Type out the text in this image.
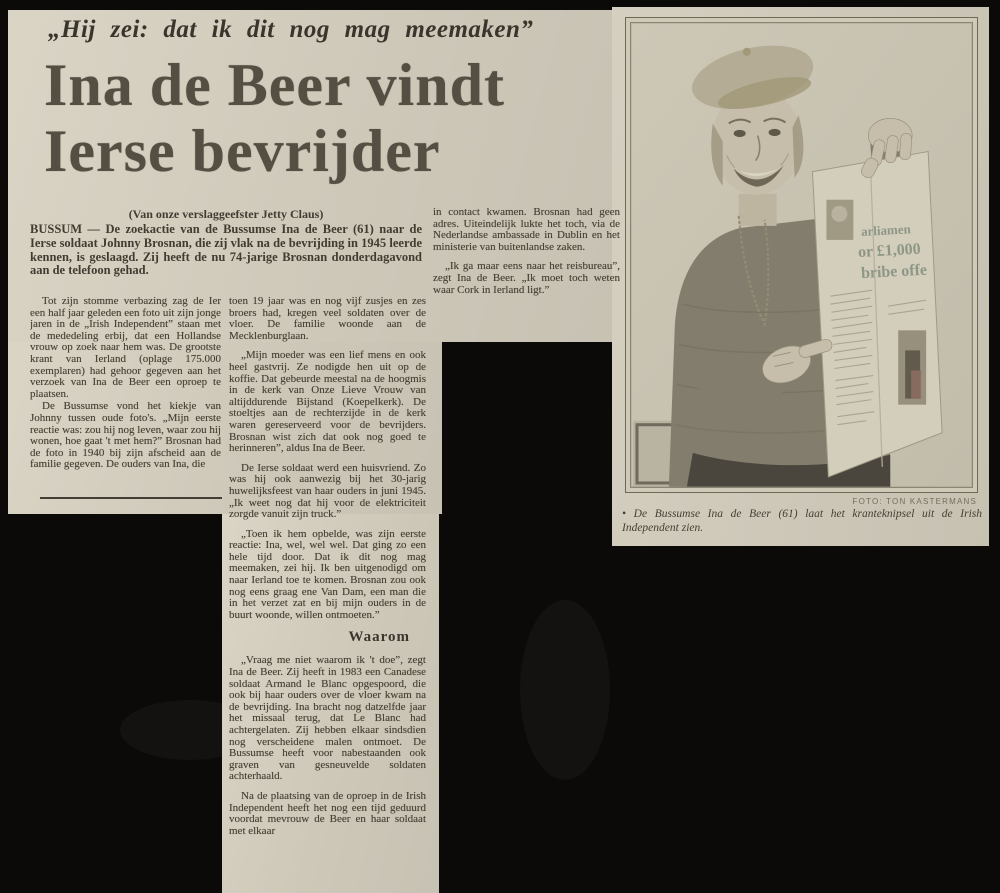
„Hij zei: dat ik dit nog mag meemaken”
Ina de Beer vindt
Ierse bevrijder
(Van onze verslaggeefster Jetty Claus)
BUSSUM — De zoekactie van de Bussumse Ina de Beer (61) naar de Ierse soldaat Johnny Brosnan, die zij vlak na de bevrijding in 1945 leerde kennen, is geslaagd. Zij heeft de nu 74-jarige Brosnan donderdagavond aan de telefoon gehad.

Tot zijn stomme verbazing zag de Ier een half jaar geleden een foto uit zijn jonge jaren in de „Irish Independent” staan met de mededeling erbij, dat een Hollandse vrouw op zoek naar hem was. De grootste krant van Ierland (oplage 175.000 exemplaren) had gehoor gegeven aan het verzoek van Ina de Beer een oproep te plaatsen.

De Bussumse vond het kiekje van Johnny tussen oude foto's. „Mijn eerste reactie was: zou hij nog leven, waar zou hij wonen, hoe gaat 't met hem?” Brosnan had de foto in 1940 bij zijn afscheid aan de familie gegeven. De ouders van Ina, die

toen 19 jaar was en nog vijf zusjes en zes broers had, kregen veel soldaten over de vloer. De familie woonde aan de Mecklenburglaan.

„Mijn moeder was een lief mens en ook heel gastvrij. Ze nodigde hen uit op de koffie. Dat gebeurde meestal na de hoogmis in de kerk van Onze Lieve Vrouw van altijddurende Bijstand (Koepelkerk). De stoeltjes aan de rechterzijde in de kerk waren gereserveerd voor de bevrijders. Brosnan wist zich dat ook nog goed te herinneren”, aldus Ina de Beer.

De Ierse soldaat werd een huisvriend. Zo was hij ook aanwezig bij het 30-jarig huwelijksfeest van haar ouders in juni 1945. „Ik weet nog dat hij voor de elektriciteit zorgde vanuit zijn truck.”

„Toen ik hem opbelde, was zijn eerste reactie: Ina, wel, wel wel. Dat ging zo een hele tijd door. Dat ik dit nog mag meemaken, zei hij. Ik ben uitgenodigd om naar Ierland toe te komen. Brosnan zou ook nog eens graag ene Van Dam, een man die in het verzet zat en bij mijn ouders in de buurt woonde, willen ontmoeten.”

Waarom

„Vraag me niet waarom ik 't doe”, zegt Ina de Beer. Zij heeft in 1983 een Canadese soldaat Armand le Blanc opgespoord, die ook bij haar ouders over de vloer kwam na de bevrijding. Ina bracht nog datzelfde jaar het missaal terug, dat Le Blanc had achtergelaten. Zij hebben elkaar sindsdien nog verscheidene malen ontmoet. De Bussumse heeft voor nabestaanden ook graven van gesneuvelde soldaten achterhaald.

Na de plaatsing van de oproep in de Irish Independent heeft het nog een tijd geduurd voordat mevrouw de Beer en haar soldaat met elkaar

in contact kwamen. Brosnan had geen adres. Uiteindelijk lukte het toch, via de Nederlandse ambassade in Dublin en het ministerie van buitenlandse zaken.

„Ik ga maar eens naar het reisbureau”, zegt Ina de Beer. „Ik moet toch weten waar Cork in Ierland ligt.”

arliamen
or £1,000
bribe offe
FOTO: TON KASTERMANS
• De Bussumse Ina de Beer (61) laat het kranteknipsel uit de Irish Independent zien.
